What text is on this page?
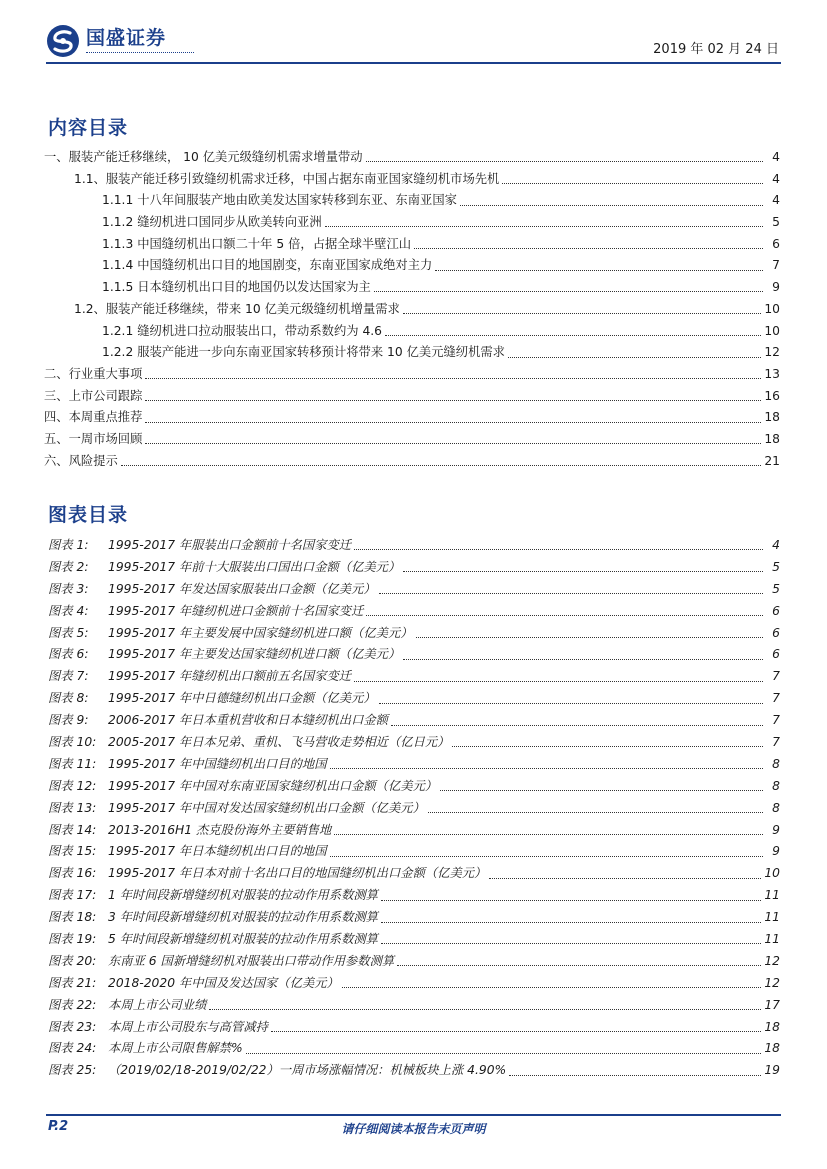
国盛证券
2019 年 02 月 24 日
内容目录
一、服装产能迁移继续， 10 亿美元级缝纫机需求增量带动	4
1.1、服装产能迁移引致缝纫机需求迁移，中国占据东南亚国家缝纫机市场先机	4
1.1.1 十八年间服装产地由欧美发达国家转移到东亚、东南亚国家	4
1.1.2 缝纫机进口国同步从欧美转向亚洲	5
1.1.3 中国缝纫机出口额二十年 5 倍，占据全球半壁江山	6
1.1.4 中国缝纫机出口目的地国剧变，东南亚国家成绝对主力	7
1.1.5 日本缝纫机出口目的地国仍以发达国家为主	9
1.2、服装产能迁移继续，带来 10 亿美元级缝纫机增量需求	10
1.2.1 缝纫机进口拉动服装出口，带动系数约为 4.6	10
1.2.2 服装产能进一步向东南亚国家转移预计将带来 10 亿美元缝纫机需求	12
二、行业重大事项	13
三、上市公司跟踪	16
四、本周重点推荐	18
五、一周市场回顾	18
六、风险提示	21
图表目录
图表 1: 1995-2017 年服装出口金额前十名国家变迁	4
图表 2: 1995-2017 年前十大服装出口国出口金额（亿美元）	5
图表 3: 1995-2017 年发达国家服装出口金额（亿美元）	5
图表 4: 1995-2017 年缝纫机进口金额前十名国家变迁	6
图表 5: 1995-2017 年主要发展中国家缝纫机进口额（亿美元）	6
图表 6: 1995-2017 年主要发达国家缝纫机进口额（亿美元）	6
图表 7: 1995-2017 年缝纫机出口额前五名国家变迁	7
图表 8: 1995-2017 年中日德缝纫机出口金额（亿美元）	7
图表 9: 2006-2017 年日本重机营收和日本缝纫机出口金额	7
图表 10: 2005-2017 年日本兄弟、重机、飞马营收走势相近（亿日元）	7
图表 11: 1995-2017 年中国缝纫机出口目的地国	8
图表 12: 1995-2017 年中国对东南亚国家缝纫机出口金额（亿美元）	8
图表 13: 1995-2017 年中国对发达国家缝纫机出口金额（亿美元）	8
图表 14: 2013-2016H1 杰克股份海外主要销售地	9
图表 15: 1995-2017 年日本缝纫机出口目的地国	9
图表 16: 1995-2017 年日本对前十名出口目的地国缝纫机出口金额（亿美元）	10
图表 17: 1 年时间段新增缝纫机对服装的拉动作用系数测算	11
图表 18: 3 年时间段新增缝纫机对服装的拉动作用系数测算	11
图表 19: 5 年时间段新增缝纫机对服装的拉动作用系数测算	11
图表 20: 东南亚 6 国新增缝纫机对服装出口带动作用参数测算	12
图表 21: 2018-2020 年中国及发达国家（亿美元）	12
图表 22: 本周上市公司业绩	17
图表 23: 本周上市公司股东与高管减持	18
图表 24: 本周上市公司限售解禁%	18
图表 25: （2019/02/18-2019/02/22）一周市场涨幅情况：机械板块上涨 4.90%	19
P.2	请仔细阅读本报告末页声明
